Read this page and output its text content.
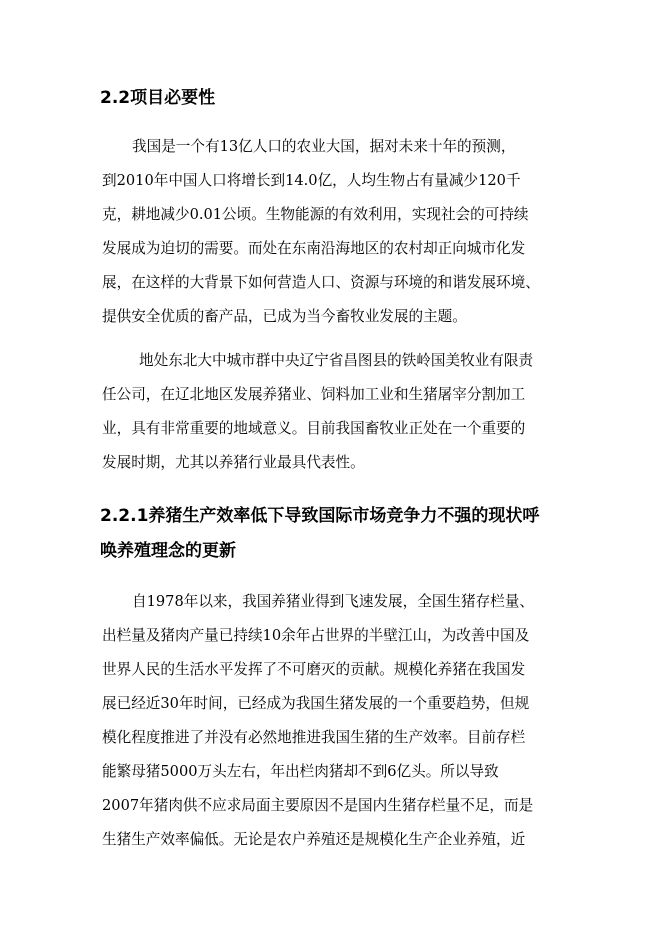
2.2项目必要性

我国是一个有13亿人口的农业大国，据对未来十年的预测，

到2010年中国人口将增长到14.0亿，人均生物占有量减少120千

克，耕地减少0.01公顷。生物能源的有效利用，实现社会的可持续

发展成为迫切的需要。而处在东南沿海地区的农村却正向城市化发

展，在这样的大背景下如何营造人口、资源与环境的和谐发展环境、

提供安全优质的畜产品，已成为当今畜牧业发展的主题。

地处东北大中城市群中央辽宁省昌图县的铁岭国美牧业有限责

任公司，在辽北地区发展养猪业、饲料加工业和生猪屠宰分割加工

业，具有非常重要的地域意义。目前我国畜牧业正处在一个重要的

发展时期，尤其以养猪行业最具代表性。

2.2.1养猪生产效率低下导致国际市场竞争力不强的现状呼
唤养殖理念的更新

自1978年以来，我国养猪业得到飞速发展，全国生猪存栏量、

出栏量及猪肉产量已持续10余年占世界的半壁江山，为改善中国及

世界人民的生活水平发挥了不可磨灭的贡献。规模化养猪在我国发

展已经近30年时间，已经成为我国生猪发展的一个重要趋势，但规

模化程度推进了并没有必然地推进我国生猪的生产效率。目前存栏

能繁母猪5000万头左右，年出栏肉猪却不到6亿头。所以导致

2007年猪肉供不应求局面主要原因不是国内生猪存栏量不足，而是

生猪生产效率偏低。无论是农户养殖还是规模化生产企业养殖，近
